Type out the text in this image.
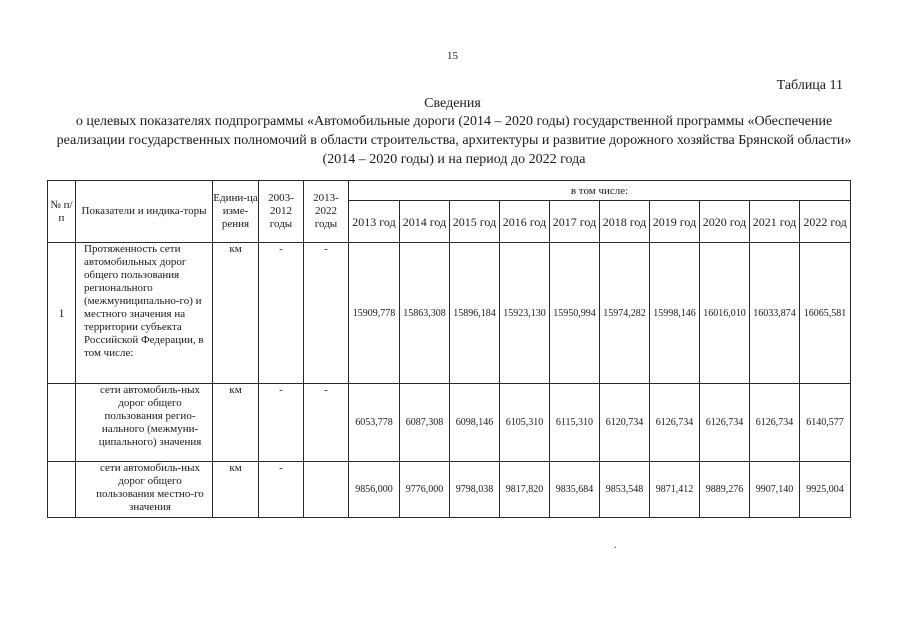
15
Таблица 11
Сведения
о целевых показателях подпрограммы «Автомобильные дороги (2014 – 2020 годы) государственной программы «Обеспечение реализации государственных полномочий в области строительства, архитектуры и развитие дорожного хозяйства Брянской области» (2014 – 2020 годы) и на период до 2022 года
№ п/п	Показатели и индика-торы	Едини-ца изме-рения	2003-2012 годы	2013-2022 годы	в том числе:									
					2013 год	2014 год	2015 год	2016 год	2017 год	2018 год	2019 год	2020 год	2021 год	2022 год
1	Протяженность сети автомобильных дорог общего пользования регионального (межмуниципально-го) и местного значения на территории субъекта Российской Федерации, в том числе:	км	-	-	15909,778	15863,308	15896,184	15923,130	15950,994	15974,282	15998,146	16016,010	16033,874	16065,581
	сети автомобиль-ных дорог общего пользования регио-нального (межмуни-ципального) значения	км	-	-	6053,778	6087,308	6098,146	6105,310	6115,310	6120,734	6126,734	6126,734	6126,734	6140,577
	сети автомобиль-ных дорог общего пользования местно-го значения	км	-		9856,000	9776,000	9798,038	9817,820	9835,684	9853,548	9871,412	9889,276	9907,140	9925,004
.
